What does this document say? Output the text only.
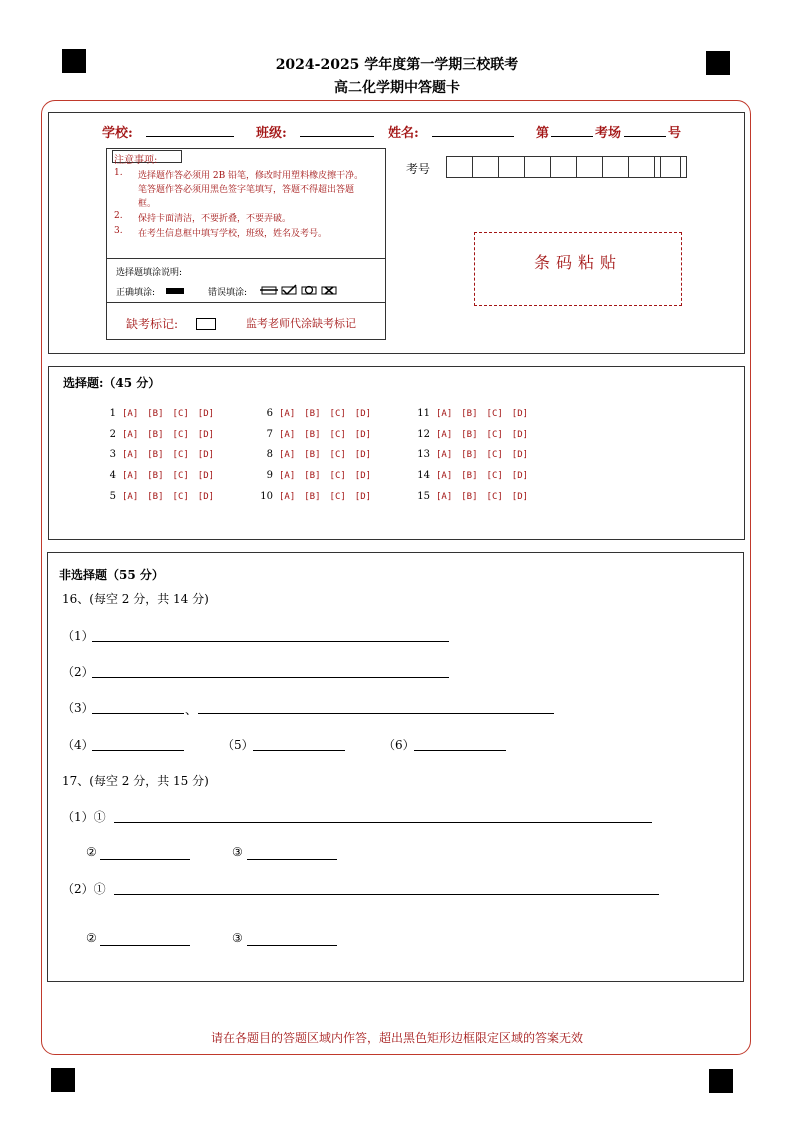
2024-2025 学年度第一学期三校联考
高二化学期中答题卡
学校:	班级:	姓名:	第	考场	号
注意事项:
1. 选择题作答必须用 2B 铅笔，修改时用塑料橡皮擦干净。
笔答题作答必须用黑色签字笔填写，答题不得超出答题
框。
2. 保持卡面清洁，不要折叠，不要弄破。
3. 在考生信息框中填写学校，班级，姓名及考号。
选择题填涂说明:
正确填涂:	错误填涂:
缺考标记:	监考老师代涂缺考标记
考号
条码粘贴
选择题:（45 分）
1 [A] [B] [C] [D]
2 [A] [B] [C] [D]
3 [A] [B] [C] [D]
4 [A] [B] [C] [D]
5 [A] [B] [C] [D]
6 [A] [B] [C] [D]
7 [A] [B] [C] [D]
8 [A] [B] [C] [D]
9 [A] [B] [C] [D]
10 [A] [B] [C] [D]
11 [A] [B] [C] [D]
12 [A] [B] [C] [D]
13 [A] [B] [C] [D]
14 [A] [B] [C] [D]
15 [A] [B] [C] [D]
非选择题（55 分）
16、(每空 2 分，共 14 分)
（1）
（2）
（3）	、
（4）	（5）	（6）
17、(每空 2 分，共 15 分)
（1）①
②	③
（2）①
②	③
请在各题目的答题区域内作答，超出黑色矩形边框限定区域的答案无效
